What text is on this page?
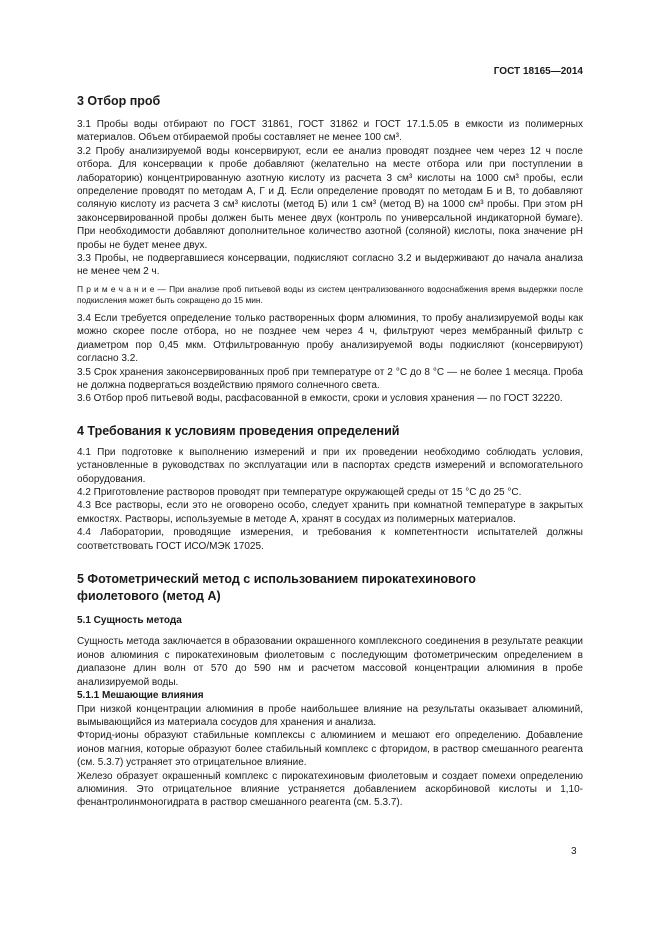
ГОСТ 18165—2014
3 Отбор проб

3.1 Пробы воды отбирают по ГОСТ 31861, ГОСТ 31862 и ГОСТ 17.1.5.05 в емкости из полимерных материалов. Объем отбираемой пробы составляет не менее 100 см³.

3.2 Пробу анализируемой воды консервируют, если ее анализ проводят позднее чем через 12 ч после отбора. Для консервации к пробе добавляют (желательно на месте отбора или при поступлении в лабораторию) концентрированную азотную кислоту из расчета 3 см³ кислоты на 1000 см³ пробы, если определение проводят по методам А, Г и Д. Если определение проводят по методам Б и В, то добавляют соляную кислоту из расчета 3 см³ кислоты (метод Б) или 1 см³ (метод В) на 1000 см³ пробы. При этом рН законсервированной пробы должен быть менее двух (контроль по универсальной индикаторной бумаге). При необходимости добавляют дополнительное количество азотной (соляной) кислоты, пока значение рН пробы не будет менее двух.

3.3 Пробы, не подвергавшиеся консервации, подкисляют согласно 3.2 и выдерживают до начала анализа не менее чем 2 ч.

П р и м е ч а н и е — При анализе проб питьевой воды из систем централизованного водоснабжения время выдержки после подкисления может быть сокращено до 15 мин.

3.4 Если требуется определение только растворенных форм алюминия, то пробу анализируемой воды как можно скорее после отбора, но не позднее чем через 4 ч, фильтруют через мембранный фильтр с диаметром пор 0,45 мкм. Отфильтрованную пробу анализируемой воды подкисляют (консервируют) согласно 3.2.

3.5 Срок хранения законсервированных проб при температуре от 2 °С до 8 °С — не более 1 месяца. Проба не должна подвергаться воздействию прямого солнечного света.

3.6 Отбор проб питьевой воды, расфасованной в емкости, сроки и условия хранения — по ГОСТ 32220.

4 Требования к условиям проведения определений

4.1 При подготовке к выполнению измерений и при их проведении необходимо соблюдать условия, установленные в руководствах по эксплуатации или в паспортах средств измерений и вспомогательного оборудования.

4.2 Приготовление растворов проводят при температуре окружающей среды от 15 °С до 25 °С.

4.3 Все растворы, если это не оговорено особо, следует хранить при комнатной температуре в закрытых емкостях. Растворы, используемые в методе А, хранят в сосудах из полимерных материалов.

4.4 Лаборатории, проводящие измерения, и требования к компетентности испытателей должны соответствовать ГОСТ ИСО/МЭК 17025.

5 Фотометрический метод с использованием пирокатехинового
фиолетового (метод А)
5.1 Сущность метода

Сущность метода заключается в образовании окрашенного комплексного соединения в результате реакции ионов алюминия с пирокатехиновым фиолетовым с последующим фотометрическим определением в диапазоне длин волн от 570 до 590 нм и расчетом массовой концентрации алюминия в пробе анализируемой воды.

5.1.1 Мешающие влияния

При низкой концентрации алюминия в пробе наибольшее влияние на результаты оказывает алюминий, вымывающийся из материала сосудов для хранения и анализа.

Фторид-ионы образуют стабильные комплексы с алюминием и мешают его определению. Добавление ионов магния, которые образуют более стабильный комплекс с фторидом, в раствор смешанного реагента (см. 5.3.7) устраняет это отрицательное влияние.

Железо образует окрашенный комплекс с пирокатехиновым фиолетовым и создает помехи определению алюминия. Это отрицательное влияние устраняется добавлением аскорбиновой кислоты и 1,10-фенантролинмоногидрата в раствор смешанного реагента (см. 5.3.7).

3
